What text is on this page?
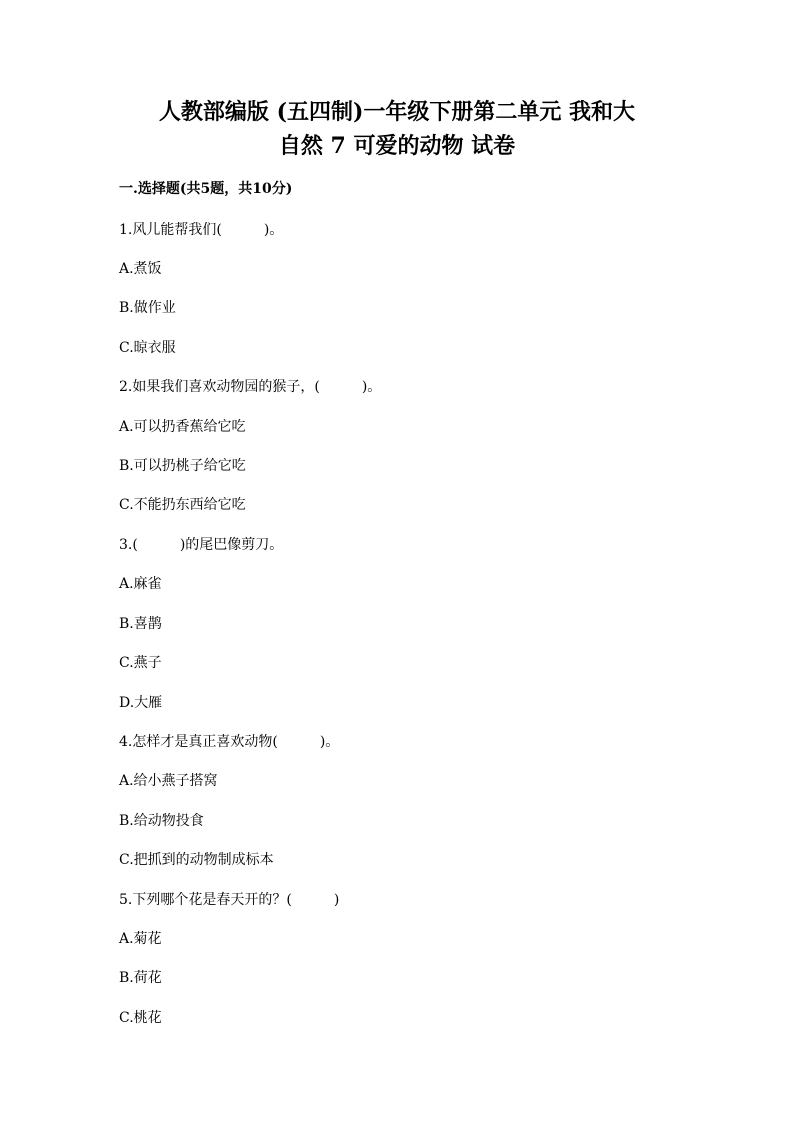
人教部编版 (五四制)一年级下册第二单元 我和大
自然 7 可爱的动物 试卷
一.选择题(共5题，共10分)
1.风儿能帮我们(　　　)。
A.煮饭
B.做作业
C.晾衣服
2.如果我们喜欢动物园的猴子，(　　　)。
A.可以扔香蕉给它吃
B.可以扔桃子给它吃
C.不能扔东西给它吃
3.(　　　)的尾巴像剪刀。
A.麻雀
B.喜鹊
C.燕子
D.大雁
4.怎样才是真正喜欢动物(　　　)。
A.给小燕子搭窝
B.给动物投食
C.把抓到的动物制成标本
5.下列哪个花是春天开的？(　　　)
A.菊花
B.荷花
C.桃花
